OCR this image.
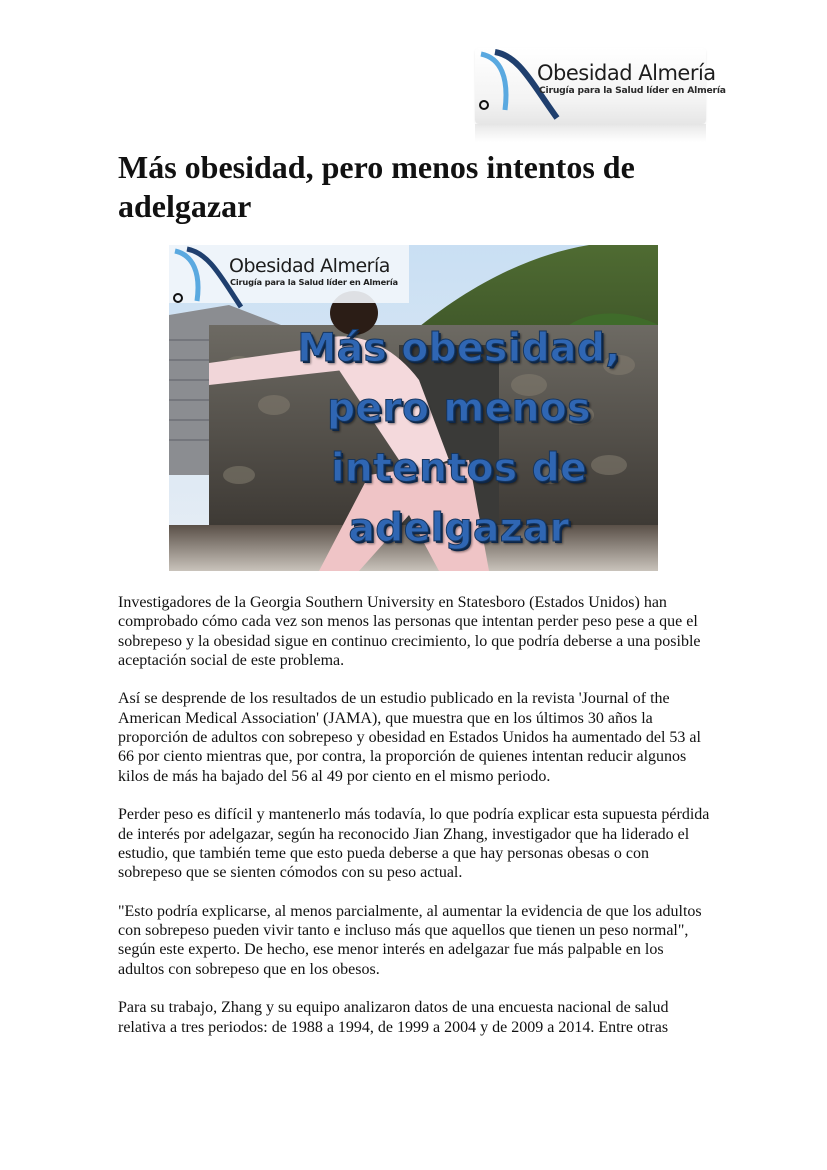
Obesidad Almería
Cirugía para la Salud líder en Almería
Más obesidad, pero menos intentos de adelgazar
Obesidad Almería
Cirugía para la Salud líder en Almería
Más obesidad,
pero menos
intentos de
adelgazar

Investigadores de la Georgia Southern University en Statesboro (Estados Unidos) han comprobado cómo cada vez son menos las personas que intentan perder peso pese a que el sobrepeso y la obesidad sigue en continuo crecimiento, lo que podría deberse a una posible aceptación social de este problema.

Así se desprende de los resultados de un estudio publicado en la revista 'Journal of the American Medical Association' (JAMA), que muestra que en los últimos 30 años la proporción de adultos con sobrepeso y obesidad en Estados Unidos ha aumentado del 53 al 66 por ciento mientras que, por contra, la proporción de quienes intentan reducir algunos kilos de más ha bajado del 56 al 49 por ciento en el mismo periodo.

Perder peso es difícil y mantenerlo más todavía, lo que podría explicar esta supuesta pérdida de interés por adelgazar, según ha reconocido Jian Zhang, investigador que ha liderado el estudio, que también teme que esto pueda deberse a que hay personas obesas o con sobrepeso que se sienten cómodos con su peso actual.

"Esto podría explicarse, al menos parcialmente, al aumentar la evidencia de que los adultos con sobrepeso pueden vivir tanto e incluso más que aquellos que tienen un peso normal", según este experto. De hecho, ese menor interés en adelgazar fue más palpable en los adultos con sobrepeso que en los obesos.

Para su trabajo, Zhang y su equipo analizaron datos de una encuesta nacional de salud relativa a tres periodos: de 1988 a 1994, de 1999 a 2004 y de 2009 a 2014. Entre otras
